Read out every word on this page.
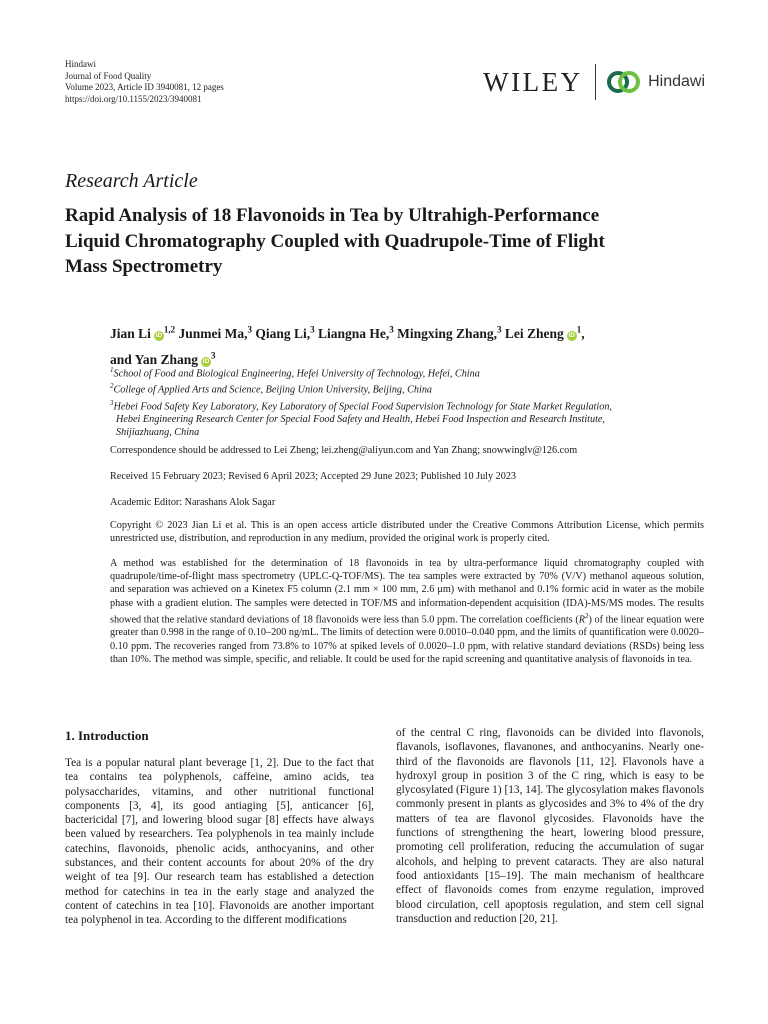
Hindawi
Journal of Food Quality
Volume 2023, Article ID 3940081, 12 pages
https://doi.org/10.1155/2023/3940081
WILEY	Hindawi
Research Article
Rapid Analysis of 18 Flavonoids in Tea by Ultrahigh-Performance
Liquid Chromatography Coupled with Quadrupole-Time of Flight
Mass Spectrometry
Jian Li iD$^{1,2}$ Junmei Ma,$^3$ Qiang Li,$^3$ Liangna He,$^3$ Mingxing Zhang,$^3$ Lei Zheng $iD^1$,
and Yan Zhang $iD^3$
$^1$School of Food and Biological Engineering, Hefei University of Technology, Hefei, China
$^2$College of Applied Arts and Science, Beijing Union University, Beijing, China
$^3$Hebei Food Safety Key Laboratory, Key Laboratory of Special Food Supervision Technology for State Market Regulation,
Hebei Engineering Research Center for Special Food Safety and Health, Hebei Food Inspection and Research Institute,
Shijiazhuang, China
Correspondence should be addressed to Lei Zheng; lei.zheng@aliyun.com and Yan Zhang; snowwinglv@126.com
Received 15 February 2023; Revised 6 April 2023; Accepted 29 June 2023; Published 10 July 2023
Academic Editor: Narashans Alok Sagar
Copyright © 2023 Jian Li et al. This is an open access article distributed under the Creative Commons Attribution License, which permits unrestricted use, distribution, and reproduction in any medium, provided the original work is properly cited.
A method was established for the determination of 18 flavonoids in tea by ultra-performance liquid chromatography coupled with quadrupole/time-of-flight mass spectrometry (UPLC-Q-TOF/MS). The tea samples were extracted by 70% (V/V) methanol aqueous solution, and separation was achieved on a Kinetex F5 column (2.1 mm × 100 mm, 2.6 μm) with methanol and 0.1% formic acid in water as the mobile phase with a gradient elution. The samples were detected in TOF/MS and information-dependent acquisition (IDA)-MS/MS modes. The results showed that the relative standard deviations of 18 flavonoids were less than 5.0 ppm. The correlation coefficients $(R^2)$ of the linear equation were greater than 0.998 in the range of 0.10–200 ng/mL. The limits of detection were 0.0010–0.040 ppm, and the limits of quantification were 0.0020–0.10 ppm. The recoveries ranged from 73.8% to 107% at spiked levels of 0.0020–1.0 ppm, with relative standard deviations (RSDs) being less than 10%. The method was simple, specific, and reliable. It could be used for the rapid screening and quantitative analysis of flavonoids in tea.
1. Introduction
Tea is a popular natural plant beverage [1, 2]. Due to the fact that tea contains tea polyphenols, caffeine, amino acids, tea polysaccharides, vitamins, and other nutritional functional components [3, 4], its good antiaging [5], anticancer [6], bactericidal [7], and lowering blood sugar [8] effects have always been valued by researchers. Tea polyphenols in tea mainly include catechins, flavonoids, phenolic acids, anthocyanins, and other substances, and their content accounts for about 20% of the dry weight of tea [9]. Our research team has established a detection method for catechins in tea in the early stage and analyzed the content of catechins in tea [10]. Flavonoids are another important tea polyphenol in tea. According to the different modifications
of the central C ring, flavonoids can be divided into flavonols, flavanols, isoflavones, flavanones, and anthocyanins. Nearly one-third of the flavonoids are flavonols [11, 12]. Flavonols have a hydroxyl group in position 3 of the C ring, which is easy to be glycosylated (Figure 1) [13, 14]. The glycosylation makes flavonols commonly present in plants as glycosides and 3% to 4% of the dry matters of tea are flavonol glycosides. Flavonoids have the functions of strengthening the heart, lowering blood pressure, promoting cell proliferation, reducing the accumulation of sugar alcohols, and helping to prevent cataracts. They are also natural food antioxidants [15–19]. The main mechanism of healthcare effect of flavonoids comes from enzyme regulation, improved blood circulation, cell apoptosis regulation, and stem cell signal transduction and reduction [20, 21].
